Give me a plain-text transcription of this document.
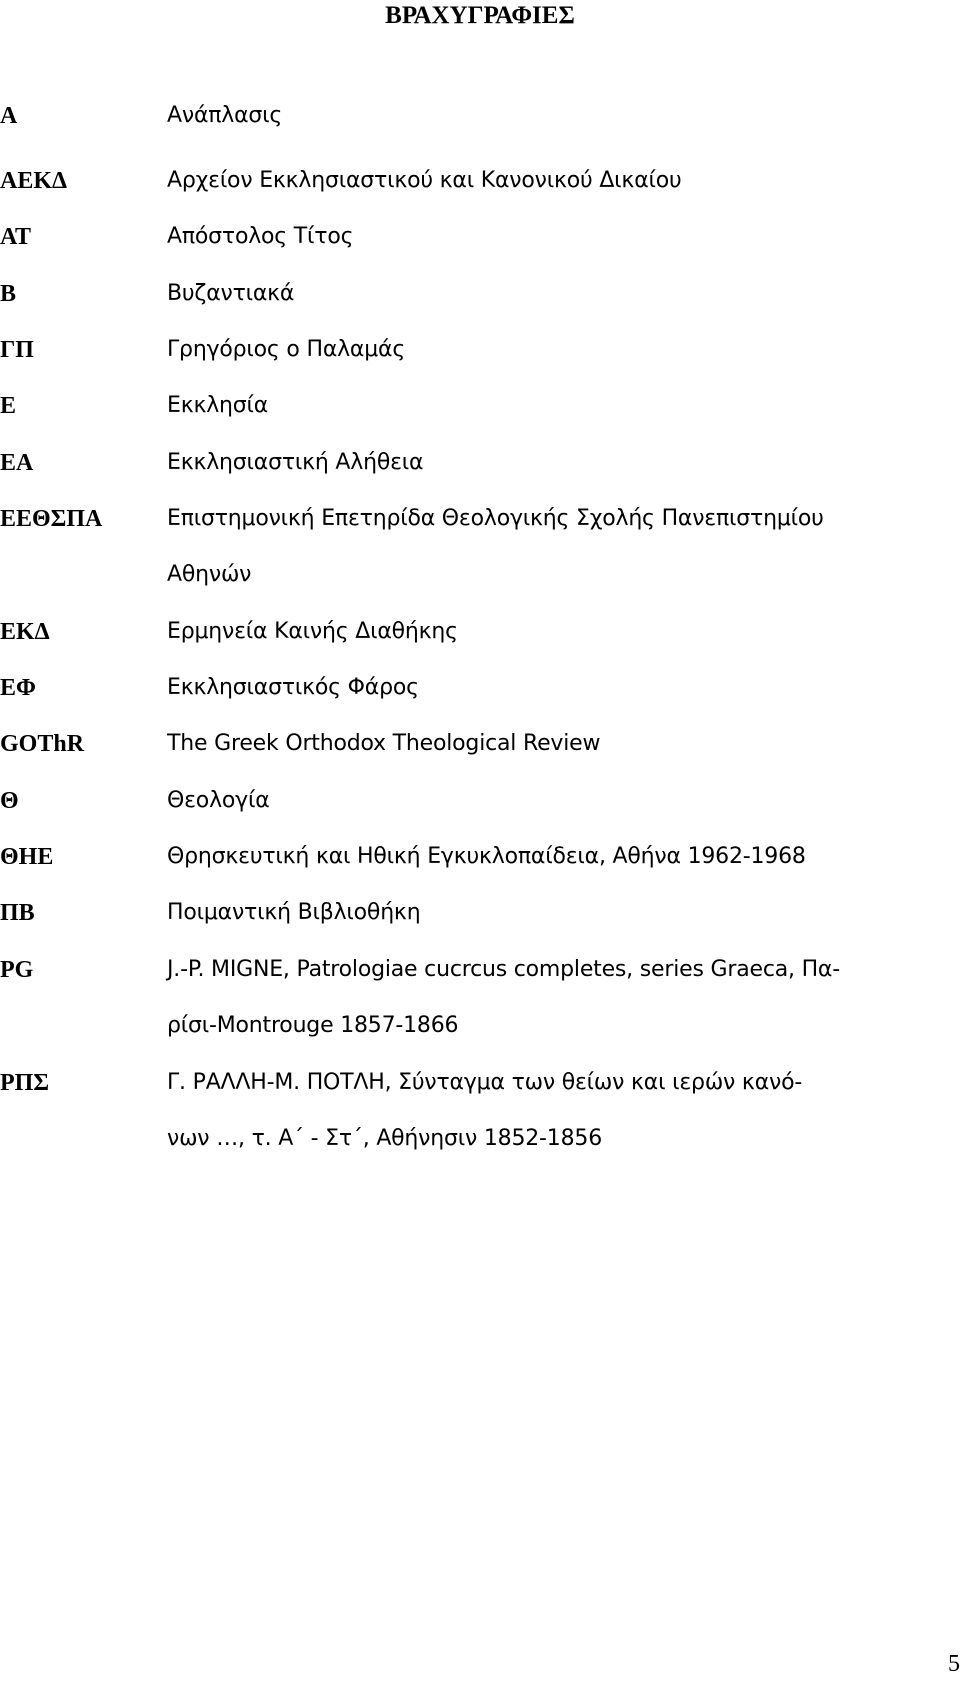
ΒΡΑΧΥΓΡΑΦΙΕΣ
Α	Ανάπλασις
ΑΕΚΔ	Αρχείον Εκκλησιαστικού και Κανονικού Δικαίου
ΑΤ	Απόστολος Τίτος
Β	Βυζαντιακά
ΓΠ	Γρηγόριος ο Παλαμάς
Ε	Εκκλησία
ΕΑ	Εκκλησιαστική Αλήθεια
ΕΕΘΣΠΑ	Επιστημονική Επετηρίδα Θεολογικής Σχολής Πανεπιστημίου
Αθηνών
ΕΚΔ	Ερμηνεία Καινής Διαθήκης
ΕΦ	Εκκλησιαστικός Φάρος
GOThR	The Greek Orthodox Theological Review
Θ	Θεολογία
ΘΗΕ	Θρησκευτική και Ηθική Εγκυκλοπαίδεια, Αθήνα 1962-1968
ΠΒ	Ποιμαντική Βιβλιοθήκη
PG	J.-P. MIGNE, Patrologiae cucrcus completes, series Graeca, Πα-
ρίσι-Montrouge 1857-1866
ΡΠΣ	Γ. ΡΑΛΛΗ-Μ. ΠΟΤΛΗ, Σύνταγμα των θείων και ιερών κανό-
νων …, τ. Α΄ - Στ΄, Αθήνησιν 1852-1856
5
